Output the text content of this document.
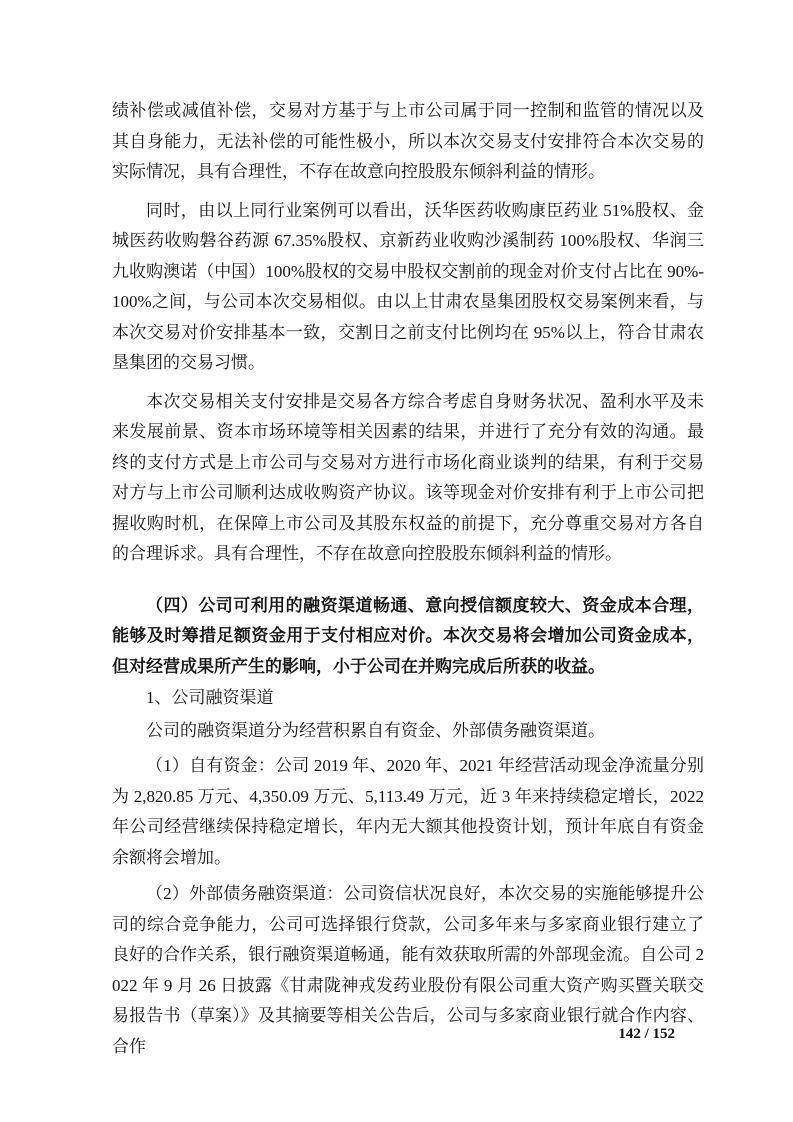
绩补偿或减值补偿，交易对方基于与上市公司属于同一控制和监管的情况以及其自身能力，无法补偿的可能性极小，所以本次交易支付安排符合本次交易的实际情况，具有合理性，不存在故意向控股股东倾斜利益的情形。

同时，由以上同行业案例可以看出，沃华医药收购康臣药业 51%股权、金城医药收购磐谷药源 67.35%股权、京新药业收购沙溪制药 100%股权、华润三九收购澳诺（中国）100%股权的交易中股权交割前的现金对价支付占比在 90%-100%之间，与公司本次交易相似。由以上甘肃农垦集团股权交易案例来看，与本次交易对价安排基本一致，交割日之前支付比例均在 95%以上，符合甘肃农垦集团的交易习惯。

本次交易相关支付安排是交易各方综合考虑自身财务状况、盈利水平及未来发展前景、资本市场环境等相关因素的结果，并进行了充分有效的沟通。最终的支付方式是上市公司与交易对方进行市场化商业谈判的结果，有利于交易对方与上市公司顺利达成收购资产协议。该等现金对价安排有利于上市公司把握收购时机，在保障上市公司及其股东权益的前提下，充分尊重交易对方各自的合理诉求。具有合理性，不存在故意向控股股东倾斜利益的情形。

（四）公司可利用的融资渠道畅通、意向授信额度较大、资金成本合理，能够及时筹措足额资金用于支付相应对价。本次交易将会增加公司资金成本，但对经营成果所产生的影响，小于公司在并购完成后所获的收益。

1、公司融资渠道

公司的融资渠道分为经营积累自有资金、外部债务融资渠道。

（1）自有资金：公司 2019 年、2020 年、2021 年经营活动现金净流量分别为 2,820.85 万元、4,350.09 万元、5,113.49 万元，近 3 年来持续稳定增长，2022 年公司经营继续保持稳定增长，年内无大额其他投资计划，预计年底自有资金余额将会增加。

（2）外部债务融资渠道：公司资信状况良好，本次交易的实施能够提升公司的综合竞争能力，公司可选择银行贷款，公司多年来与多家商业银行建立了良好的合作关系，银行融资渠道畅通，能有效获取所需的外部现金流。自公司 2022 年 9 月 26 日披露《甘肃陇神戎发药业股份有限公司重大资产购买暨关联交易报告书（草案）》及其摘要等相关公告后，公司与多家商业银行就合作内容、合作

142 / 152
